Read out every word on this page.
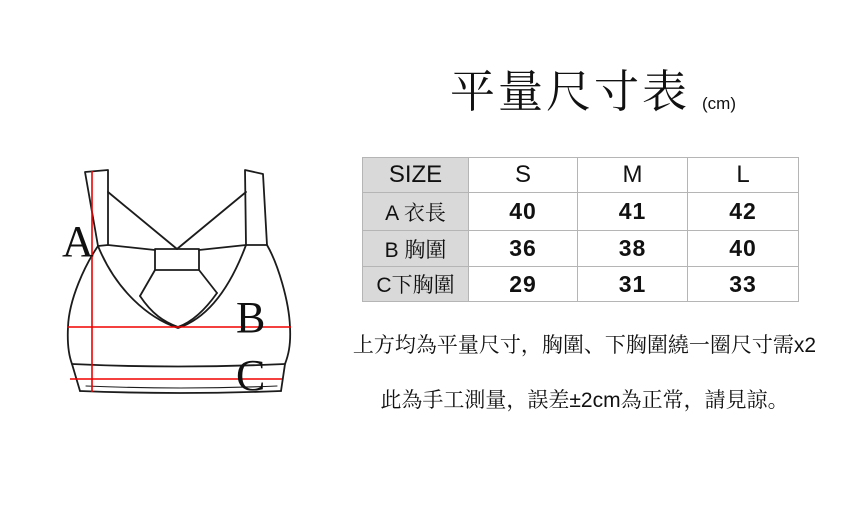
平量尺寸表 (cm)
A
B
C
SIZE	S	M	L
A 衣長	40	41	42
B 胸圍	36	38	40
C下胸圍	29	31	33
上方均為平量尺寸，胸圍、下胸圍繞一圈尺寸需x2
此為手工測量，誤差±2cm為正常，請見諒。
